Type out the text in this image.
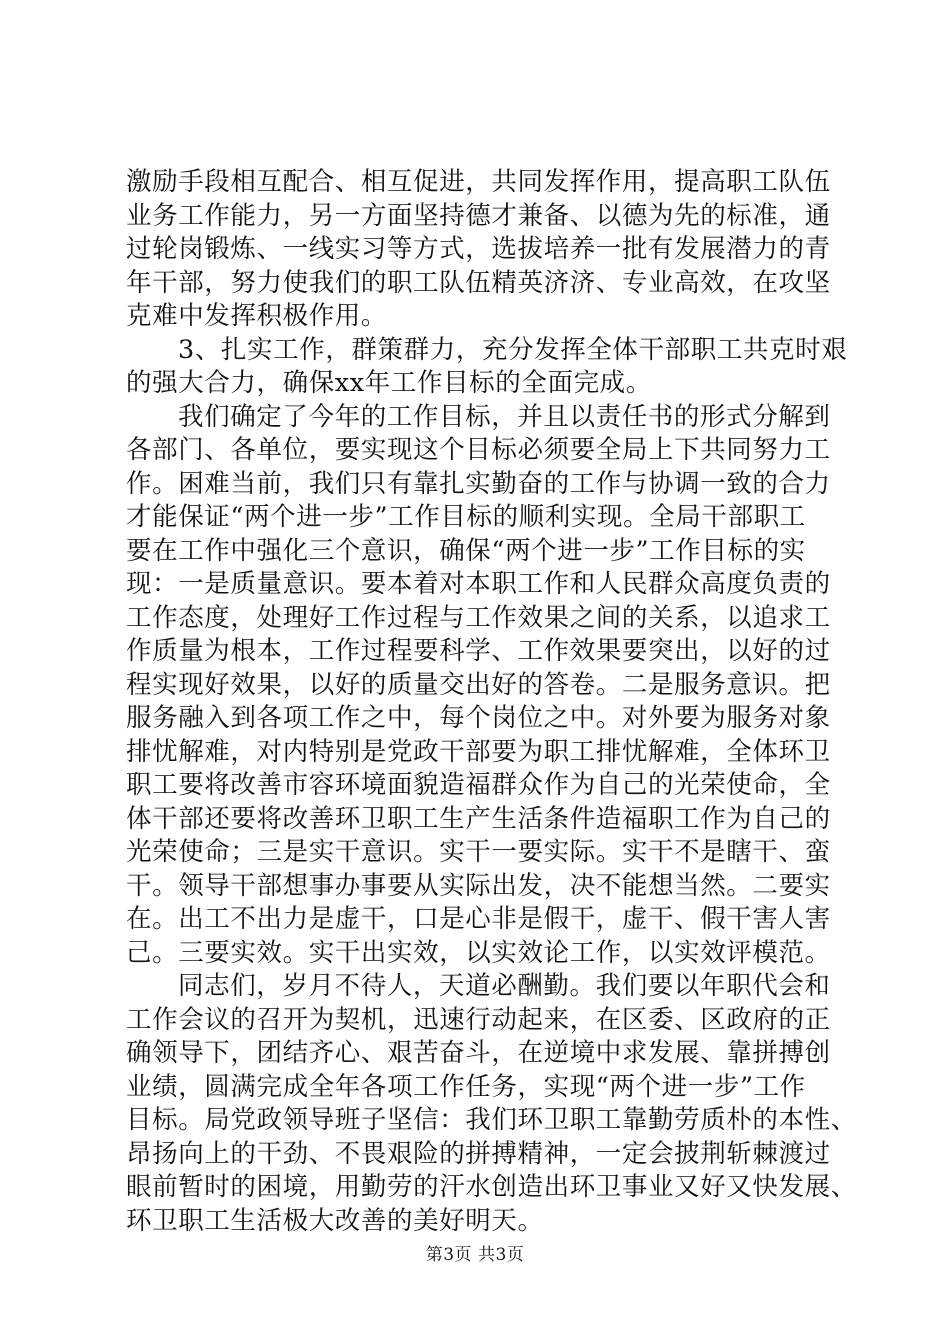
激励手段相互配合、相互促进，共同发挥作用，提高职工队伍
业务工作能力，另一方面坚持德才兼备、以德为先的标准，通
过轮岗锻炼、一线实习等方式，选拔培养一批有发展潜力的青
年干部，努力使我们的职工队伍精英济济、专业高效，在攻坚
克难中发挥积极作用。
3、扎实工作，群策群力，充分发挥全体干部职工共克时艰
的强大合力，确保xx年工作目标的全面完成。
我们确定了今年的工作目标，并且以责任书的形式分解到
各部门、各单位，要实现这个目标必须要全局上下共同努力工
作。困难当前，我们只有靠扎实勤奋的工作与协调一致的合力
才能保证“两个进一步”工作目标的顺利实现。全局干部职工
要在工作中强化三个意识，确保“两个进一步”工作目标的实
现：一是质量意识。要本着对本职工作和人民群众高度负责的
工作态度，处理好工作过程与工作效果之间的关系，以追求工
作质量为根本，工作过程要科学、工作效果要突出，以好的过
程实现好效果，以好的质量交出好的答卷。二是服务意识。把
服务融入到各项工作之中，每个岗位之中。对外要为服务对象
排忧解难，对内特别是党政干部要为职工排忧解难，全体环卫
职工要将改善市容环境面貌造福群众作为自己的光荣使命，全
体干部还要将改善环卫职工生产生活条件造福职工作为自己的
光荣使命；三是实干意识。实干一要实际。实干不是瞎干、蛮
干。领导干部想事办事要从实际出发，决不能想当然。二要实
在。出工不出力是虚干，口是心非是假干，虚干、假干害人害
己。三要实效。实干出实效，以实效论工作，以实效评模范。
同志们，岁月不待人，天道必酬勤。我们要以年职代会和
工作会议的召开为契机，迅速行动起来，在区委、区政府的正
确领导下，团结齐心、艰苦奋斗，在逆境中求发展、靠拼搏创
业绩，圆满完成全年各项工作任务，实现“两个进一步”工作
目标。局党政领导班子坚信：我们环卫职工靠勤劳质朴的本性、
昂扬向上的干劲、不畏艰险的拼搏精神，一定会披荆斩棘渡过
眼前暂时的困境，用勤劳的汗水创造出环卫事业又好又快发展、
环卫职工生活极大改善的美好明天。
第3页 共3页
